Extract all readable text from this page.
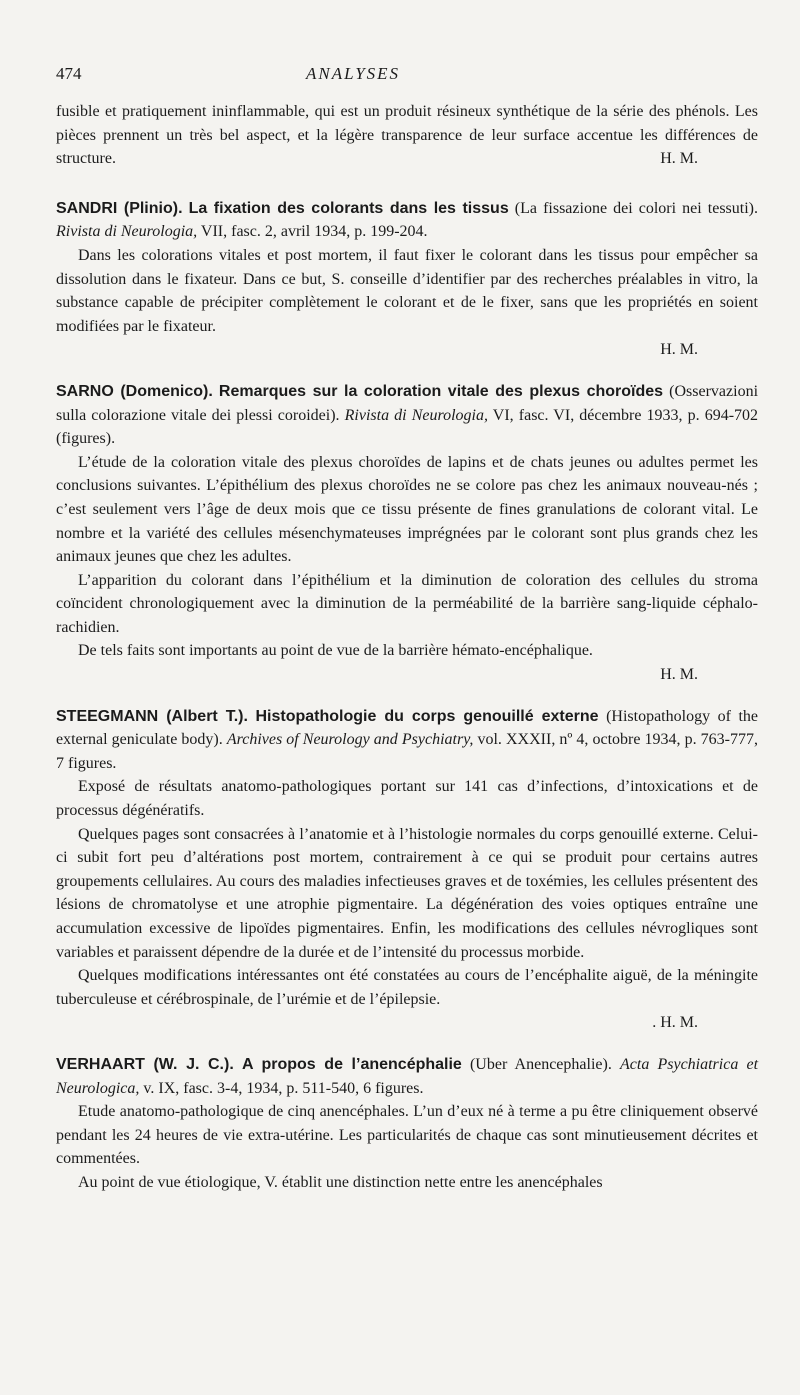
474	ANALYSES

fusible et pratiquement ininflammable, qui est un produit résineux synthétique de la série des phénols. Les pièces prennent un très bel aspect, et la légère transparence de leur surface accentue les différences de structure.	H. M.

SANDRI (Plinio). La fixation des colorants dans les tissus (La fissazione dei colori nei tessuti). Rivista di Neurologia, VII, fasc. 2, avril 1934, p. 199-204.

Dans les colorations vitales et post mortem, il faut fixer le colorant dans les tissus pour empêcher sa dissolution dans le fixateur. Dans ce but, S. conseille d’identifier par des recherches préalables in vitro, la substance capable de précipiter complètement le colorant et de le fixer, sans que les propriétés en soient modifiées par le fixateur.

H. M.

SARNO (Domenico). Remarques sur la coloration vitale des plexus choroïdes (Osservazioni sulla colorazione vitale dei plessi coroidei). Rivista di Neurologia, VI, fasc. VI, décembre 1933, p. 694-702 (figures).

L’étude de la coloration vitale des plexus choroïdes de lapins et de chats jeunes ou adultes permet les conclusions suivantes. L’épithélium des plexus choroïdes ne se colore pas chez les animaux nouveau-nés ; c’est seulement vers l’âge de deux mois que ce tissu présente de fines granulations de colorant vital. Le nombre et la variété des cellules mésenchymateuses imprégnées par le colorant sont plus grands chez les animaux jeunes que chez les adultes.

L’apparition du colorant dans l’épithélium et la diminution de coloration des cellules du stroma coïncident chronologiquement avec la diminution de la perméabilité de la barrière sang-liquide céphalo-rachidien.

De tels faits sont importants au point de vue de la barrière hémato-encéphalique.

H. M.

STEEGMANN (Albert T.). Histopathologie du corps genouillé externe (Histopathology of the external geniculate body). Archives of Neurology and Psychiatry, vol. XXXII, nº 4, octobre 1934, p. 763-777, 7 figures.

Exposé de résultats anatomo-pathologiques portant sur 141 cas d’infections, d’intoxications et de processus dégénératifs.

Quelques pages sont consacrées à l’anatomie et à l’histologie normales du corps genouillé externe. Celui-ci subit fort peu d’altérations post mortem, contrairement à ce qui se produit pour certains autres groupements cellulaires. Au cours des maladies infectieuses graves et de toxémies, les cellules présentent des lésions de chromatolyse et une atrophie pigmentaire. La dégénération des voies optiques entraîne une accumulation excessive de lipoïdes pigmentaires. Enfin, les modifications des cellules névrogliques sont variables et paraissent dépendre de la durée et de l’intensité du processus morbide.

Quelques modifications intéressantes ont été constatées au cours de l’encéphalite aiguë, de la méningite tuberculeuse et cérébrospinale, de l’urémie et de l’épilepsie.

. H. M.

VERHAART (W. J. C.). A propos de l’anencéphalie (Uber Anencephalie). Acta Psychiatrica et Neurologica, v. IX, fasc. 3-4, 1934, p. 511-540, 6 figures.

Etude anatomo-pathologique de cinq anencéphales. L’un d’eux né à terme a pu être cliniquement observé pendant les 24 heures de vie extra-utérine. Les particularités de chaque cas sont minutieusement décrites et commentées.

Au point de vue étiologique, V. établit une distinction nette entre les anencéphales
